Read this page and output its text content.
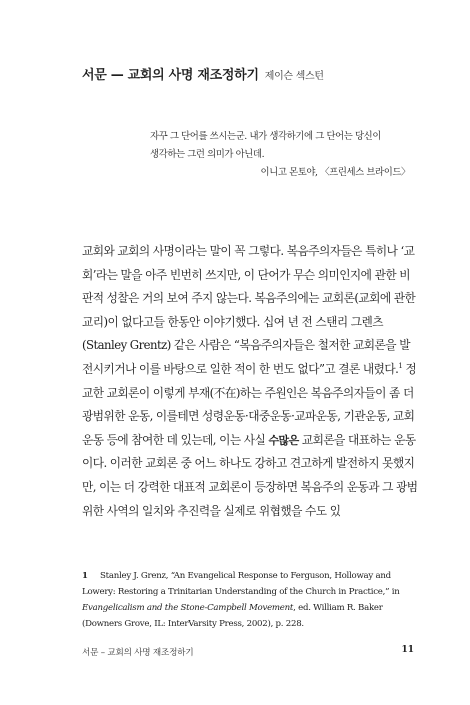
서문 — 교회의 사명 재조정하기 제이슨 섹스턴

자꾸 그 단어를 쓰시는군. 내가 생각하기에 그 단어는 당신이

생각하는 그런 의미가 아닌데.

이니고 몬토야, 〈프린세스 브라이드〉

교회와 교회의 사명이라는 말이 꼭 그렇다. 복음주의자들은 특히나 ‘교회’라는 말을 아주 빈번히 쓰지만, 이 단어가 무슨 의미인지에 관한 비판적 성찰은 거의 보여 주지 않는다. 복음주의에는 교회론(교회에 관한 교리)이 없다고들 한동안 이야기했다. 십여 년 전 스탠리 그렌츠(Stanley Grentz) 같은 사람은 “복음주의자들은 철저한 교회론을 발전시키거나 이를 바탕으로 일한 적이 한 번도 없다”고 결론 내렸다.$^1$ 정교한 교회론이 이렇게 부재(不在)하는 주원인은 복음주의자들이 좀 더 광범위한 운동, 이를테면 성령운동·대중운동·교파운동, 기관운동, 교회운동 등에 참여한 데 있는데, 이는 사실 수많은 교회론을 대표하는 운동이다. 이러한 교회론 중 어느 하나도 강하고 견고하게 발전하지 못했지만, 이는 더 강력한 대표적 교회론이 등장하면 복음주의 운동과 그 광범위한 사역의 일치와 추진력을 실제로 위협했을 수도 있

1 Stanley J. Grenz, “An Evangelical Response to Ferguson, Holloway and Lowery: Restoring a Trinitarian Understanding of the Church in Practice,” in Evangelicalism and the Stone-Campbell Movement, ed. William R. Baker (Downers Grove, IL: InterVarsity Press, 2002), p. 228.

서문 – 교회의 사명 재조정하기	11
